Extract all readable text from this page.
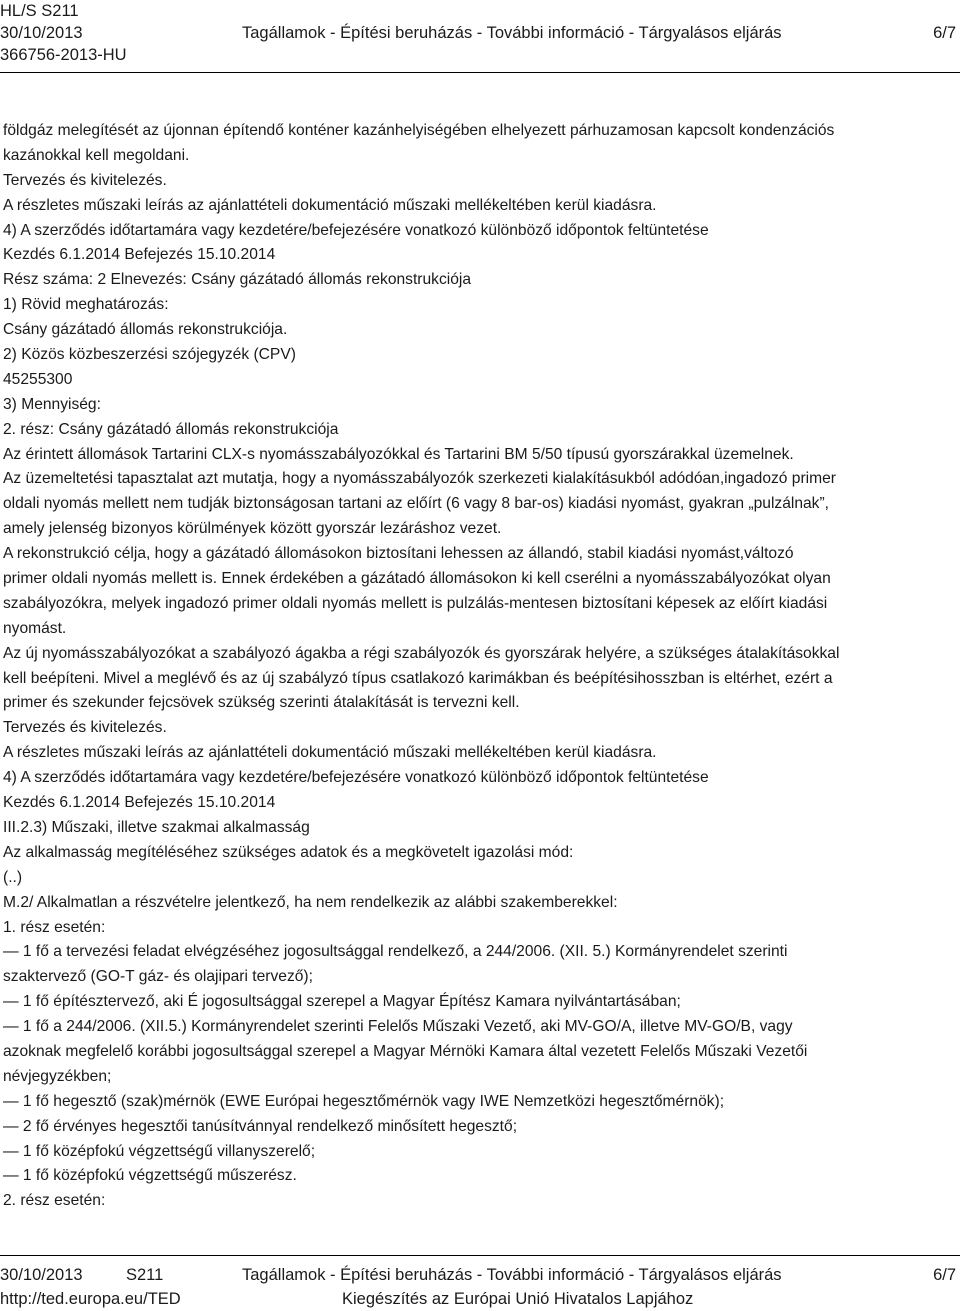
HL/S S211
30/10/2013
366756-2013-HU
Tagállamok - Építési beruházás - További információ - Tárgyalásos eljárás	6/7
földgáz melegítését az újonnan építendő konténer kazánhelyiségében elhelyezett párhuzamosan kapcsolt kondenzációs
kazánokkal kell megoldani.
Tervezés és kivitelezés.
A részletes műszaki leírás az ajánlattételi dokumentáció műszaki mellékeltében kerül kiadásra.
4) A szerződés időtartamára vagy kezdetére/befejezésére vonatkozó különböző időpontok feltüntetése
Kezdés 6.1.2014 Befejezés 15.10.2014
Rész száma: 2 Elnevezés: Csány gázátadó állomás rekonstrukciója
1) Rövid meghatározás:
Csány gázátadó állomás rekonstrukciója.
2) Közös közbeszerzési szójegyzék (CPV)
45255300
3) Mennyiség:
2. rész: Csány gázátadó állomás rekonstrukciója
Az érintett állomások Tartarini CLX-s nyomásszabályozókkal és Tartarini BM 5/50 típusú gyorszárakkal üzemelnek.
Az üzemeltetési tapasztalat azt mutatja, hogy a nyomásszabályozók szerkezeti kialakításukból adódóan,ingadozó primer
oldali nyomás mellett nem tudják biztonságosan tartani az előírt (6 vagy 8 bar-os) kiadási nyomást, gyakran „pulzálnak”,
amely jelenség bizonyos körülmények között gyorszár lezáráshoz vezet.
A rekonstrukció célja, hogy a gázátadó állomásokon biztosítani lehessen az állandó, stabil kiadási nyomást,változó
primer oldali nyomás mellett is. Ennek érdekében a gázátadó állomásokon ki kell cserélni a nyomásszabályozókat olyan
szabályozókra, melyek ingadozó primer oldali nyomás mellett is pulzálás-mentesen biztosítani képesek az előírt kiadási
nyomást.
Az új nyomásszabályozókat a szabályozó ágakba a régi szabályozók és gyorszárak helyére, a szükséges átalakításokkal
kell beépíteni. Mivel a meglévő és az új szabályzó típus csatlakozó karimákban és beépítésihosszban is eltérhet, ezért a
primer és szekunder fejcsövek szükség szerinti átalakítását is tervezni kell.
Tervezés és kivitelezés.
A részletes műszaki leírás az ajánlattételi dokumentáció műszaki mellékeltében kerül kiadásra.
4) A szerződés időtartamára vagy kezdetére/befejezésére vonatkozó különböző időpontok feltüntetése
Kezdés 6.1.2014 Befejezés 15.10.2014
III.2.3) Műszaki, illetve szakmai alkalmasság
Az alkalmasság megítéléséhez szükséges adatok és a megkövetelt igazolási mód:
(..)
M.2/ Alkalmatlan a részvételre jelentkező, ha nem rendelkezik az alábbi szakemberekkel:
1. rész esetén:
— 1 fő a tervezési feladat elvégzéséhez jogosultsággal rendelkező, a 244/2006. (XII. 5.) Kormányrendelet szerinti
szaktervező (GO-T gáz- és olajipari tervező);
— 1 fő építésztervező, aki É jogosultsággal szerepel a Magyar Építész Kamara nyilvántartásában;
— 1 fő a 244/2006. (XII.5.) Kormányrendelet szerinti Felelős Műszaki Vezető, aki MV-GO/A, illetve MV-GO/B, vagy
azoknak megfelelő korábbi jogosultsággal szerepel a Magyar Mérnöki Kamara által vezetett Felelős Műszaki Vezetői
névjegyzékben;
— 1 fő hegesztő (szak)mérnök (EWE Európai hegesztőmérnök vagy IWE Nemzetközi hegesztőmérnök);
— 2 fő érvényes hegesztői tanúsítvánnyal rendelkező minősített hegesztő;
— 1 fő középfokú végzettségű villanyszerelő;
— 1 fő középfokú végzettségű műszerész.
2. rész esetén:
30/10/2013	S211	Tagállamok - Építési beruházás - További információ - Tárgyalásos eljárás	6/7
http://ted.europa.eu/TED	Kiegészítés az Európai Unió Hivatalos Lapjához
